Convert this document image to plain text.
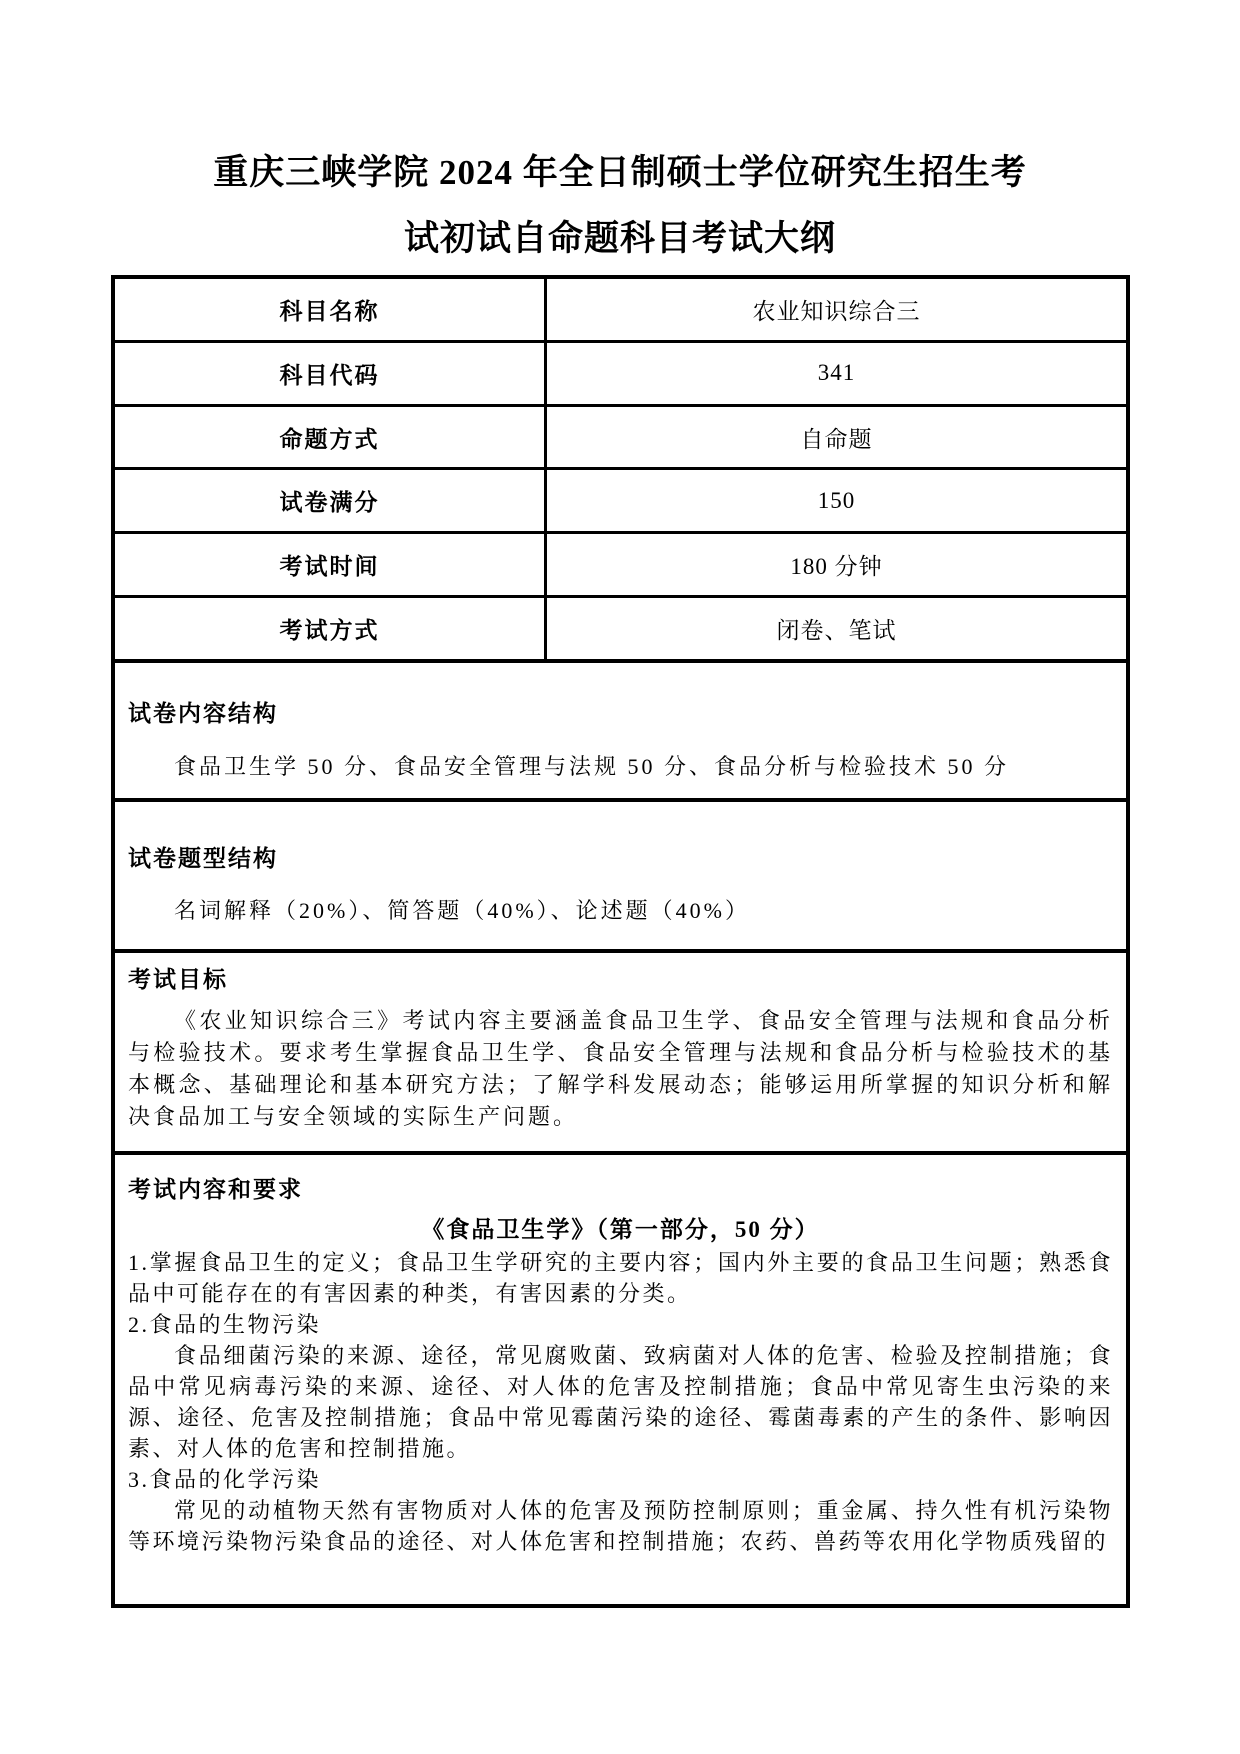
重庆三峡学院 2024 年全日制硕士学位研究生招生考
试初试自命题科目考试大纲
科目名称	农业知识综合三
科目代码	341
命题方式	自命题
试卷满分	150
考试时间	180 分钟
考试方式	闭卷、笔试
试卷内容结构
食品卫生学 50 分、食品安全管理与法规 50 分、食品分析与检验技术 50 分
试卷题型结构
名词解释（20%）、简答题（40%）、论述题（40%）
考试目标
《农业知识综合三》考试内容主要涵盖食品卫生学、食品安全管理与法规和食品分析与检验技术。要求考生掌握食品卫生学、食品安全管理与法规和食品分析与检验技术的基本概念、基础理论和基本研究方法；了解学科发展动态；能够运用所掌握的知识分析和解决食品加工与安全领域的实际生产问题。
考试内容和要求
《食品卫生学》（第一部分，50 分）
1.掌握食品卫生的定义；食品卫生学研究的主要内容；国内外主要的食品卫生问题；熟悉食品中可能存在的有害因素的种类，有害因素的分类。
2.食品的生物污染
食品细菌污染的来源、途径，常见腐败菌、致病菌对人体的危害、检验及控制措施；食品中常见病毒污染的来源、途径、对人体的危害及控制措施；食品中常见寄生虫污染的来源、途径、危害及控制措施；食品中常见霉菌污染的途径、霉菌毒素的产生的条件、影响因素、对人体的危害和控制措施。
3.食品的化学污染
常见的动植物天然有害物质对人体的危害及预防控制原则；重金属、持久性有机污染物等环境污染物污染食品的途径、对人体危害和控制措施；农药、兽药等农用化学物质残留的
